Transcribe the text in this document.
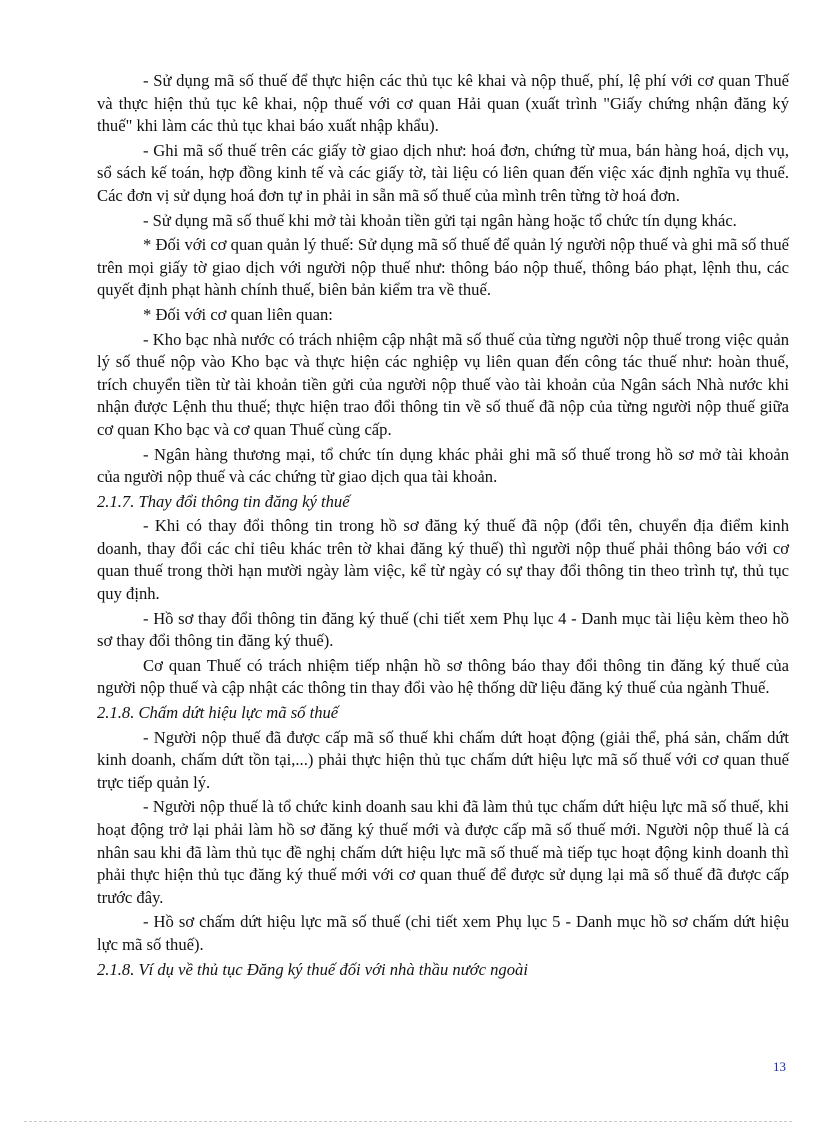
- Sử dụng mã số thuế để thực hiện các thủ tục kê khai và nộp thuế, phí, lệ phí với cơ quan Thuế và thực hiện thủ tục kê khai, nộp thuế với cơ quan Hải quan (xuất trình "Giấy chứng nhận đăng ký thuế" khi làm các thủ tục khai báo xuất nhập khẩu).

- Ghi mã số thuế trên các giấy tờ giao dịch như: hoá đơn, chứng từ mua, bán hàng hoá, dịch vụ, sổ sách kế toán, hợp đồng kinh tế và các giấy tờ, tài liệu có liên quan đến việc xác định nghĩa vụ thuế. Các đơn vị sử dụng hoá đơn tự in phải in sẵn mã số thuế của mình trên từng tờ hoá đơn.

- Sử dụng mã số thuế khi mở tài khoản tiền gửi tại ngân hàng hoặc tổ chức tín dụng khác.

* Đối với cơ quan quản lý thuế: Sử dụng mã số thuế để quản lý người nộp thuế và ghi mã số thuế trên mọi giấy tờ giao dịch với người nộp thuế như: thông báo nộp thuế, thông báo phạt, lệnh thu, các quyết định phạt hành chính thuế, biên bản kiểm tra về thuế.

* Đối với cơ quan liên quan:

- Kho bạc nhà nước có trách nhiệm cập nhật mã số thuế của từng người nộp thuế trong việc quản lý số thuế nộp vào Kho bạc và thực hiện các nghiệp vụ liên quan đến công tác thuế như: hoàn thuế, trích chuyển tiền từ tài khoản tiền gửi của người nộp thuế vào tài khoản của Ngân sách Nhà nước khi nhận được Lệnh thu thuế; thực hiện trao đổi thông tin về số thuế đã nộp của từng người nộp thuế giữa cơ quan Kho bạc và cơ quan Thuế cùng cấp.

- Ngân hàng thương mại, tổ chức tín dụng khác phải ghi mã số thuế trong hồ sơ mở tài khoản của người nộp thuế và các chứng từ giao dịch qua tài khoản.

2.1.7. Thay đổi thông tin đăng ký thuế

- Khi có thay đổi thông tin trong hồ sơ đăng ký thuế đã nộp (đổi tên, chuyển địa điểm kinh doanh, thay đổi các chỉ tiêu khác trên tờ khai đăng ký thuế) thì người nộp thuế phải thông báo với cơ quan thuế trong thời hạn mười ngày làm việc, kể từ ngày có sự thay đổi thông tin theo trình tự, thủ tục quy định.

- Hồ sơ thay đổi thông tin đăng ký thuế (chi tiết xem Phụ lục 4 - Danh mục tài liệu kèm theo hồ sơ thay đổi thông tin đăng ký thuế).

Cơ quan Thuế có trách nhiệm tiếp nhận hồ sơ thông báo thay đổi thông tin đăng ký thuế của người nộp thuế và cập nhật các thông tin thay đổi vào hệ thống dữ liệu đăng ký thuế của ngành Thuế.

2.1.8. Chấm dứt hiệu lực mã số thuế

- Người nộp thuế đã được cấp mã số thuế khi chấm dứt hoạt động (giải thể, phá sản, chấm dứt kinh doanh, chấm dứt tồn tại,...) phải thực hiện thủ tục chấm dứt hiệu lực mã số thuế với cơ quan thuế trực tiếp quản lý.

- Người nộp thuế là tổ chức kinh doanh sau khi đã làm thủ tục chấm dứt hiệu lực mã số thuế, khi hoạt động trở lại phải làm hồ sơ đăng ký thuế mới và được cấp mã số thuế mới. Người nộp thuế là cá nhân sau khi đã làm thủ tục đề nghị chấm dứt hiệu lực mã số thuế mà tiếp tục hoạt động kinh doanh thì phải thực hiện thủ tục đăng ký thuế mới với cơ quan thuế để được sử dụng lại mã số thuế đã được cấp trước đây.

- Hồ sơ chấm dứt hiệu lực mã số thuế (chi tiết xem Phụ lục 5 - Danh mục hồ sơ chấm dứt hiệu lực mã số thuế).

2.1.8. Ví dụ về thủ tục Đăng ký thuế đối với nhà thầu nước ngoài

13
